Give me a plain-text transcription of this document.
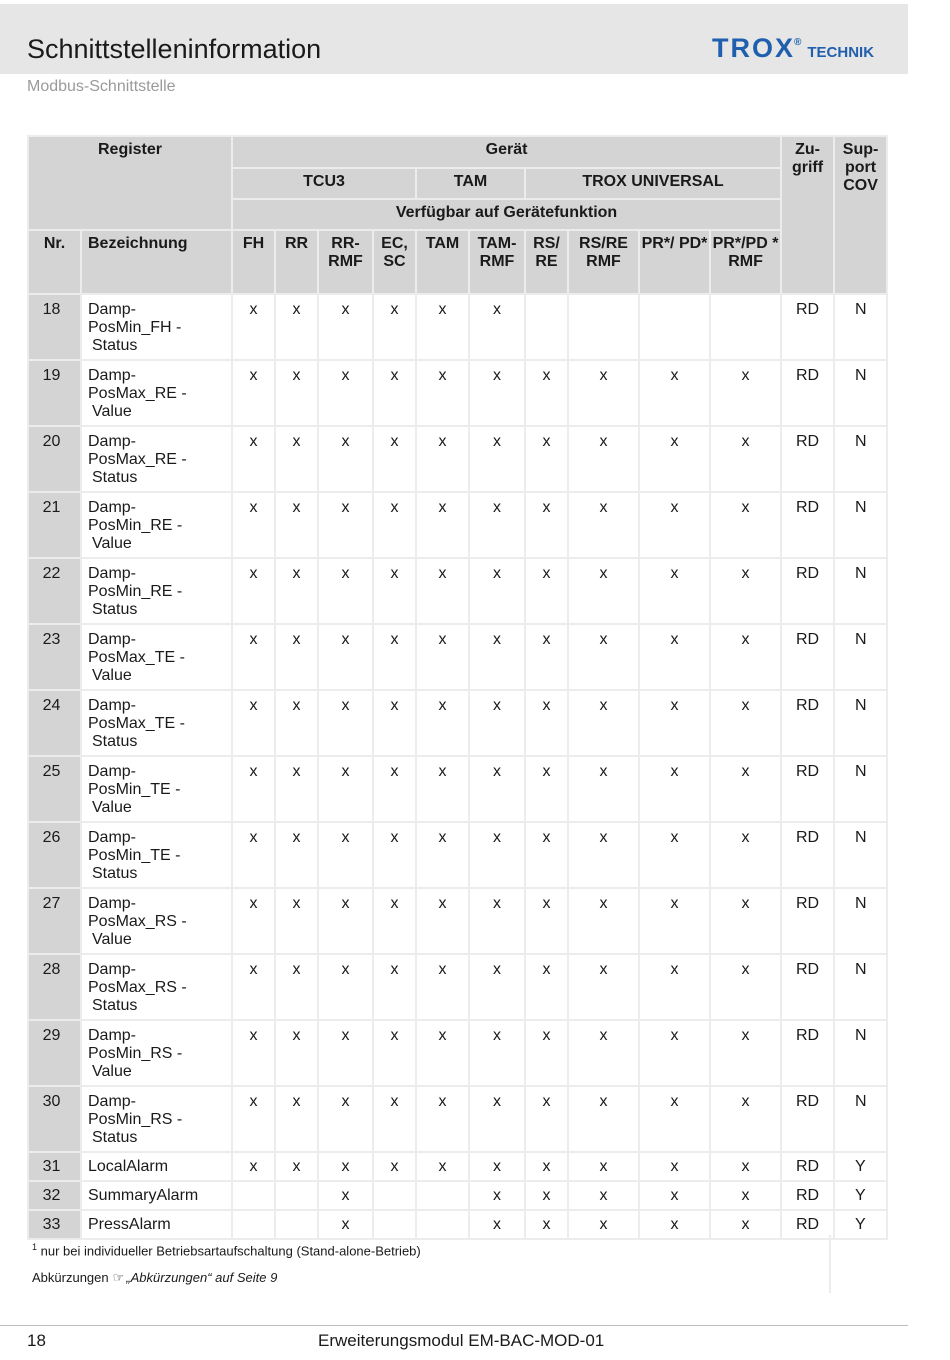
Schnittstelleninformation	TROX ®
TECHNIK
Modbus-Schnittstelle
Register		Gerät										Zu-griff	Sup-port COV
		TCU3				TAM		TROX UNIVERSAL					
		Verfügbar auf Gerätefunktion											
Nr.	Bezeichnung	FH	RR	RR-RMF	EC, SC	TAM	TAM-RMF	RS/ RE	RS/RE RMF	PR*/ PD*	PR*/PD * RMF		
18	Damp-
PosMin_FH -
Status	x	x	x	x	x	x					RD	N
19	Damp-
PosMax_RE -
Value	x	x	x	x	x	x	x	x	x	x	RD	N
20	Damp-
PosMax_RE -
Status	x	x	x	x	x	x	x	x	x	x	RD	N
21	Damp-
PosMin_RE -
Value	x	x	x	x	x	x	x	x	x	x	RD	N
22	Damp-
PosMin_RE -
Status	x	x	x	x	x	x	x	x	x	x	RD	N
23	Damp-
PosMax_TE -
Value	x	x	x	x	x	x	x	x	x	x	RD	N
24	Damp-
PosMax_TE -
Status	x	x	x	x	x	x	x	x	x	x	RD	N
25	Damp-
PosMin_TE -
Value	x	x	x	x	x	x	x	x	x	x	RD	N
26	Damp-
PosMin_TE -
Status	x	x	x	x	x	x	x	x	x	x	RD	N
27	Damp-
PosMax_RS -
Value	x	x	x	x	x	x	x	x	x	x	RD	N
28	Damp-
PosMax_RS -
Status	x	x	x	x	x	x	x	x	x	x	RD	N
29	Damp-
PosMin_RS -
Value	x	x	x	x	x	x	x	x	x	x	RD	N
30	Damp-
PosMin_RS -
Status	x	x	x	x	x	x	x	x	x	x	RD	N
31	LocalAlarm	x	x	x	x	x	x	x	x	x	x	RD	Y
32	SummaryAlarm			x			x	x	x	x	x	RD	Y
33	PressAlarm			x			x	x	x	x	x	RD	Y
$^1$ nur bei individueller Betriebsartaufschaltung (Stand-alone-Betrieb)
Abkürzungen ☞ „Abkürzungen“ auf Seite 9
18	Erweiterungsmodul EM-BAC-MOD-01
